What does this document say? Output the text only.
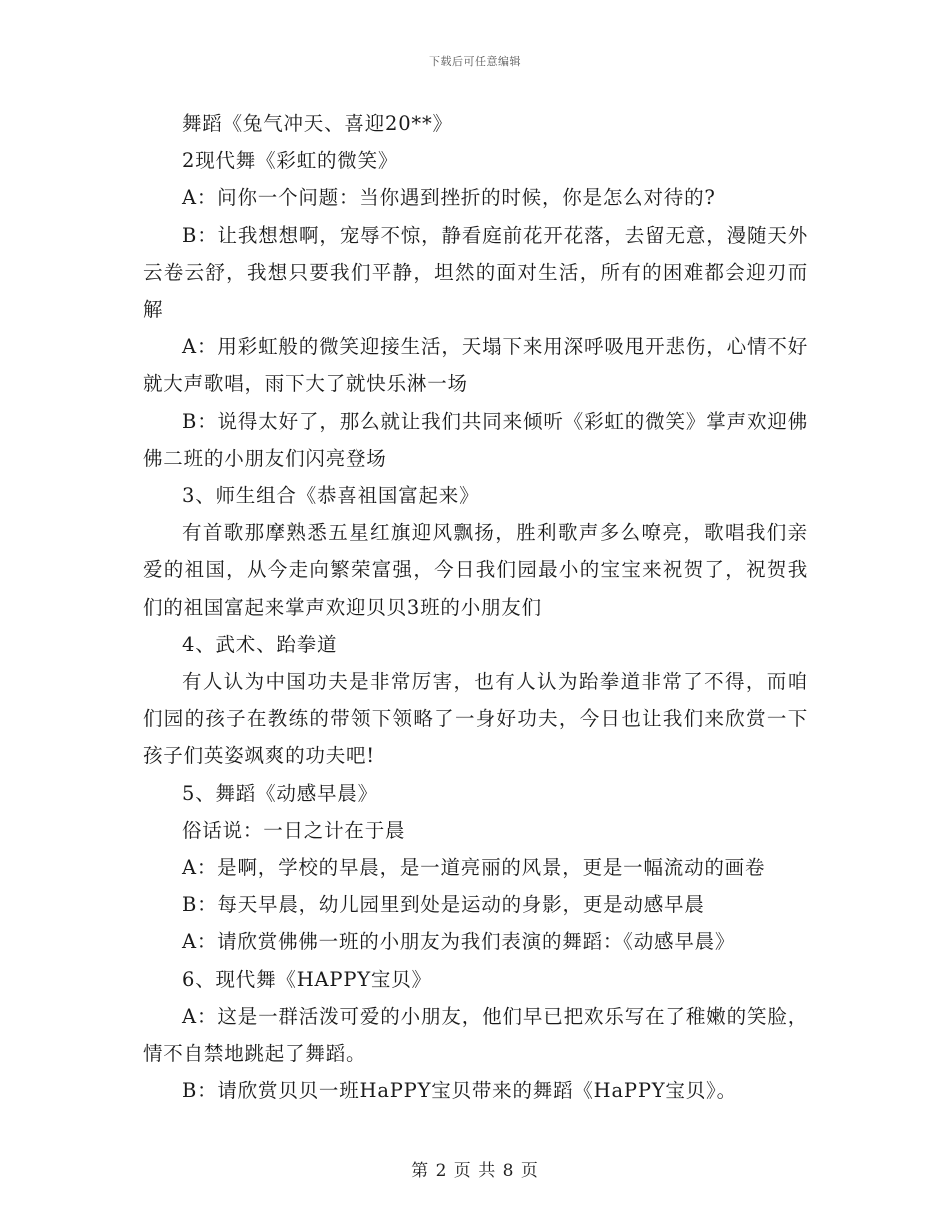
下载后可任意编辑

舞蹈《兔气冲天、喜迎20**》

2现代舞《彩虹的微笑》

A：问你一个问题：当你遇到挫折的时候，你是怎么对待的?

B：让我想想啊，宠辱不惊，静看庭前花开花落，去留无意，漫随天外云卷云舒，我想只要我们平静，坦然的面对生活，所有的困难都会迎刃而解

A：用彩虹般的微笑迎接生活，天塌下来用深呼吸甩开悲伤，心情不好就大声歌唱，雨下大了就快乐淋一场

B：说得太好了，那么就让我们共同来倾听《彩虹的微笑》掌声欢迎佛佛二班的小朋友们闪亮登场

3、师生组合《恭喜祖国富起来》

有首歌那摩熟悉五星红旗迎风飘扬，胜利歌声多么嘹亮，歌唱我们亲爱的祖国，从今走向繁荣富强，今日我们园最小的宝宝来祝贺了，祝贺我们的祖国富起来掌声欢迎贝贝3班的小朋友们

4、武术、跆拳道

有人认为中国功夫是非常厉害，也有人认为跆拳道非常了不得，而咱们园的孩子在教练的带领下领略了一身好功夫，今日也让我们来欣赏一下孩子们英姿飒爽的功夫吧!

5、舞蹈《动感早晨》

俗话说：一日之计在于晨

A：是啊，学校的早晨，是一道亮丽的风景，更是一幅流动的画卷

B：每天早晨，幼儿园里到处是运动的身影，更是动感早晨

A：请欣赏佛佛一班的小朋友为我们表演的舞蹈：《动感早晨》

6、现代舞《HAPPY宝贝》

A：这是一群活泼可爱的小朋友，他们早已把欢乐写在了稚嫩的笑脸，情不自禁地跳起了舞蹈。

B：请欣赏贝贝一班HaPPY宝贝带来的舞蹈《HaPPY宝贝》。

第 2 页 共 8 页
